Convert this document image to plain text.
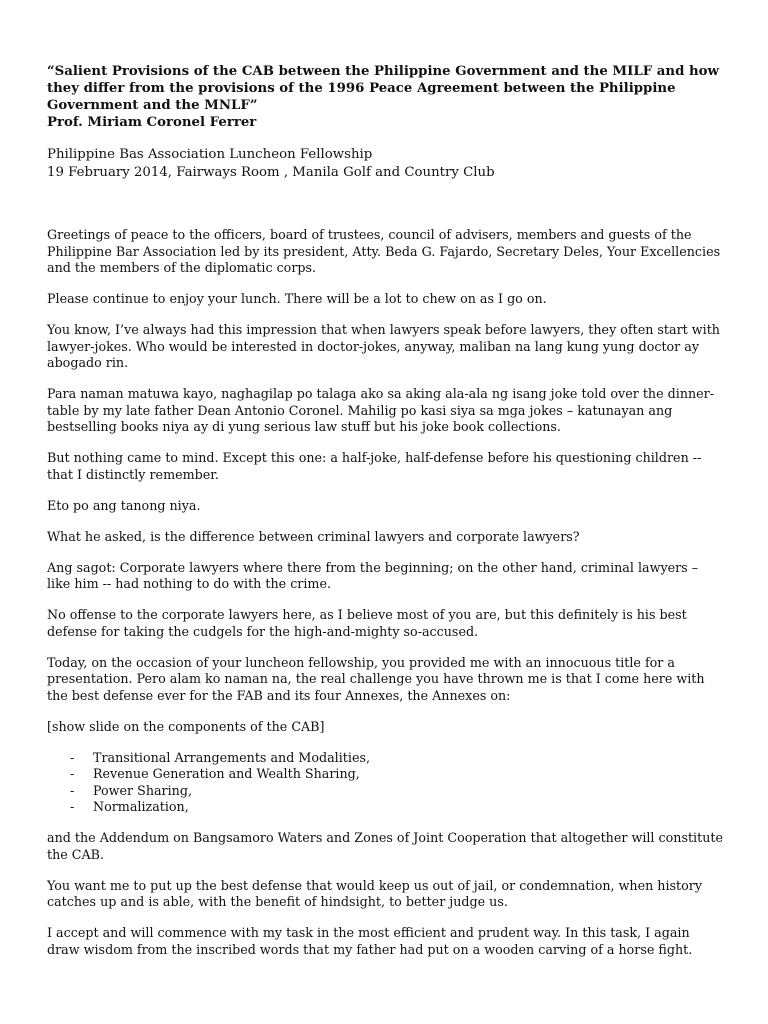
“Salient Provisions of the CAB between the Philippine Government and the MILF and how they differ from the provisions of the 1996 Peace Agreement between the Philippine Government and the MNLF”
Prof. Miriam Coronel Ferrer
Philippine Bas Association Luncheon Fellowship
19 February 2014, Fairways Room , Manila Golf and Country Club

Greetings of peace to the officers, board of trustees, council of advisers, members and guests of the Philippine Bar Association led by its president, Atty. Beda G. Fajardo, Secretary Deles, Your Excellencies and the members of the diplomatic corps.

Please continue to enjoy your lunch. There will be a lot to chew on as I go on.

You know, I’ve always had this impression that when lawyers speak before lawyers, they often start with lawyer-jokes. Who would be interested in doctor-jokes, anyway, maliban na lang kung yung doctor ay abogado rin.

Para naman matuwa kayo, naghagilap po talaga ako sa aking ala-ala ng isang joke told over the dinner-table by my late father Dean Antonio Coronel. Mahilig po kasi siya sa mga jokes – katunayan ang bestselling books niya ay di yung serious law stuff but his joke book collections.

But nothing came to mind. Except this one: a half-joke, half-defense before his questioning children --that I distinctly remember.

Eto po ang tanong niya.

What he asked, is the difference between criminal lawyers and corporate lawyers?

Ang sagot: Corporate lawyers where there from the beginning; on the other hand, criminal lawyers – like him -- had nothing to do with the crime.

No offense to the corporate lawyers here, as I believe most of you are, but this definitely is his best defense for taking the cudgels for the high-and-mighty so-accused.

Today, on the occasion of your luncheon fellowship, you provided me with an innocuous title for a presentation. Pero alam ko naman na, the real challenge you have thrown me is that I come here with the best defense ever for the FAB and its four Annexes, the Annexes on:

[show slide on the components of the CAB]

- Transitional Arrangements and Modalities,
- Revenue Generation and Wealth Sharing,
- Power Sharing,
- Normalization,

and the Addendum on Bangsamoro Waters and Zones of Joint Cooperation that altogether will constitute the CAB.

You want me to put up the best defense that would keep us out of jail, or condemnation, when history catches up and is able, with the benefit of hindsight, to better judge us.

I accept and will commence with my task in the most efficient and prudent way. In this task, I again draw wisdom from the inscribed words that my father had put on a wooden carving of a horse fight.
